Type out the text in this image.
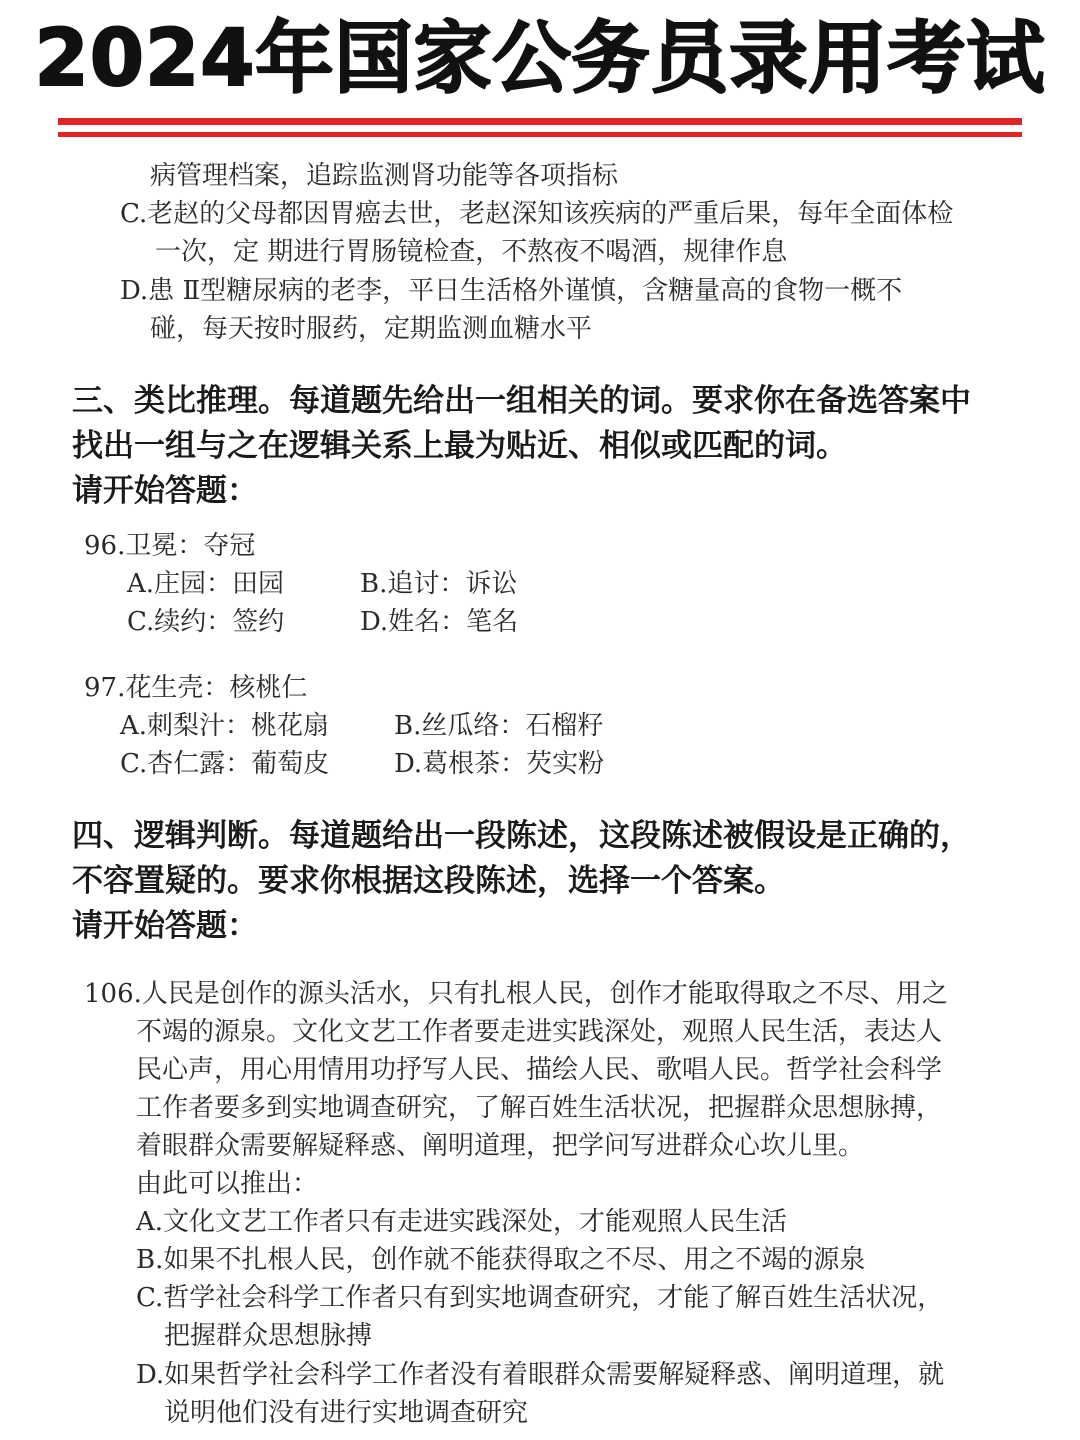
2024年国家公务员录用考试
病管理档案，追踪监测肾功能等各项指标
C.老赵的父母都因胃癌去世，老赵深知该疾病的严重后果，每年全面体检
一次，定 期进行胃肠镜检查，不熬夜不喝酒，规律作息
D.患 Ⅱ型糖尿病的老李，平日生活格外谨慎，含糖量高的食物一概不
碰，每天按时服药，定期监测血糖水平
三、类比推理。每道题先给出一组相关的词。要求你在备选答案中
找出一组与之在逻辑关系上最为贴近、相似或匹配的词。
请开始答题：
96.卫冕：夺冠
A.庄园：田园	B.追讨：诉讼
C.续约：签约	D.姓名：笔名
97.花生壳：核桃仁
A.刺梨汁：桃花扇 B.丝瓜络：石榴籽
C.杏仁露：葡萄皮 D.葛根茶：芡实粉
四、逻辑判断。每道题给出一段陈述，这段陈述被假设是正确的，
不容置疑的。要求你根据这段陈述，选择一个答案。
请开始答题：
106.人民是创作的源头活水，只有扎根人民，创作才能取得取之不尽、用之
不竭的源泉。文化文艺工作者要走进实践深处，观照人民生活，表达人
民心声，用心用情用功抒写人民、描绘人民、歌唱人民。哲学社会科学
工作者要多到实地调查研究，了解百姓生活状况，把握群众思想脉搏，
着眼群众需要解疑释惑、阐明道理，把学问写进群众心坎儿里。
由此可以推出：
A.文化文艺工作者只有走进实践深处，才能观照人民生活
B.如果不扎根人民，创作就不能获得取之不尽、用之不竭的源泉
C.哲学社会科学工作者只有到实地调查研究，才能了解百姓生活状况，
把握群众思想脉搏
D.如果哲学社会科学工作者没有着眼群众需要解疑释惑、阐明道理，就
说明他们没有进行实地调查研究
